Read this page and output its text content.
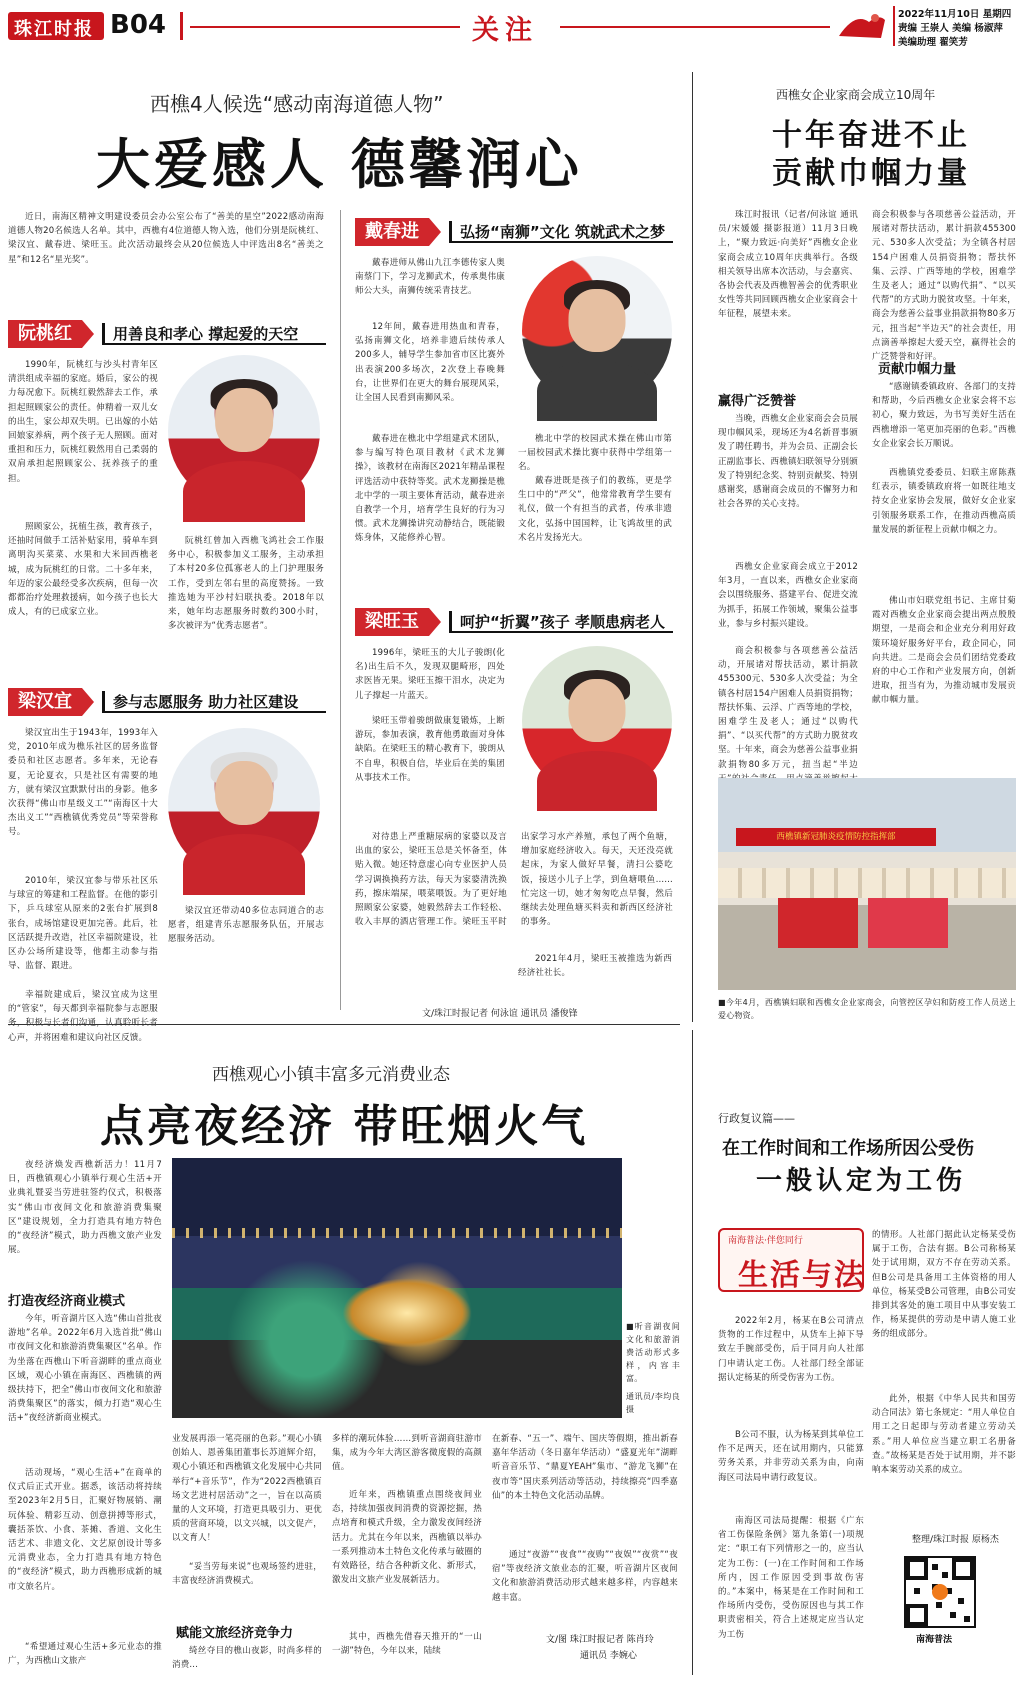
珠江时报 B04	关注
2022年11月10日 星期四
责编 王崇人 美编 杨淑萍
美编助理 翟笑芳
西樵4人候选“感动南海道德人物”
大爱感人 德馨润心
近日，南海区精神文明建设委员会办公室公布了“善美的星空”2022感动南海道德人物20名候选人名单。其中，西樵有4位道德人物入选，他们分别是阮桃红、梁汉宜、戴春进、梁旺玉。此次活动最终会从20位候选人中评选出8名“善美之星”和12名“星光奖”。
阮桃红	用善良和孝心 撑起爱的天空
1990年，阮桃红与沙头村青年区清洪组成幸福的家庭。婚后，家公的视力每况愈下。阮桃红毅然辞去工作，承担起照顾家公的责任。伸精着一双儿女的出生，家公却双失明。已出嫁的小姑回娘家养病，两个孩子无人照顾。面对重担和压力，阮桃红毅然用自己柔弱的双肩承担起照顾家公、抚养孩子的重担。
照顾家公，抚植生孩，教育孩子，还抽时间做手工活补贴家用，骑单车到离明沟买菜菜、水果和大米回西樵老城，成为阮桃红的日常。二十多年来，年迈的家公最经受多次疾病，但每一次都都治疗处理救援病，如今孩子也长大成人，有的已成家立业。
阮桃红曾加入西樵飞鸿社会工作服务中心，积极参加义工服务，主动承担了本村20多位孤寡老人的上门护理服务工作，受到左邻右里的高度赞扬。一致推选她为平沙村妇联执委。2018年以来，她年均志愿服务时数约300小时，多次被评为“优秀志愿者”。
梁汉宜	参与志愿服务 助力社区建设
梁汉宜出生于1943年，1993年入党，2010年成为樵乐社区的居务监督委员和社区志愿者。多年来，无论春夏，无论夏衣，只是社区有需要的地方，就有梁汉宜默默付出的身影。他多次获得“佛山市星级义工”“南海区十大杰出义工”“西樵镇优秀党员”等荣誉称号。
2010年，梁汉宜参与带乐社区乐与球宣的筹建和工程监督。在他的影引下，乒乓球室从原来的2张台扩展到8张台，成场馆建设更加完善。此后，社区活跃提升改造，社区幸福院建设，社区办公场所建设等，他都主动参与指导、监督、跟进。
幸福院建成后，梁汉宜成为这里的“管家”，每天都到幸福院参与志愿服 心声，并将困难和建议向社区反馈。
梁汉宜还带动40多位志同道合的志愿者，组建青乐志愿服务队伍，开展志愿服务活动。
戴春进	弘扬“南狮”文化 筑就武术之梦
戴春进师从佛山九江李德传家人奥南蔡门下，学习龙狮武术，传承奥伟康师公大头，南狮传统采青技艺。
12年间，戴春进用热血和青春，弘扬南狮文化，培养非遗后续传承人200多人，辅导学生参加省市区比赛外出表演200多场次，2次登上春晚舞台，让世界们在更大的舞台展现风采，让全国人民看到南狮风采。
戴春进在樵北中学组建武术团队，参与编写特色项目教材《武术龙狮操》，该教材在南海区2021年精品课程评选活动中获特等奖。武术龙狮操是樵北中学的一项主要体育活动，戴春进亲自教学一个月，培育学生良好的行为习惯。武术龙狮操讲究动静结合，既能锻炼身体，又能修养心智。
樵北中学的校园武术操在佛山市第一届校园武术操比赛中获得中学组第一名。
戴春进既是孩子们的教练，更是学生口中的“严父”，他常常教育学生要有礼仪，做一个有担当的武者，传承非遗文化，弘扬中国国粹，让飞鸿故里的武术名片发扬光大。
梁旺玉	呵护“折翼”孩子 孝顺患病老人
1996年，梁旺玉的大儿子骏朗(化名)出生后不久，发现双腿畸形，四处求医皆无果。梁旺玉擦干泪水，决定为儿子撑起一片蓝天。
梁旺玉带着骏朗做康复锻炼，上断游玩，参加表演，教育他勇敢面对身体缺陷。在梁旺玉的精心教育下，骏朗从不自卑，积极自信，毕业后在美的集团从事技术工作。
对待患上严重糖尿病的家婆以及言出血的家公，梁旺玉总是关怀备至，体贴入微。她还特意虚心向专业医护人员学习调换换药方法，每天为家婆清洗换药，擦床端屎，喂菜喂饭。为了更好地照顾家公家婆，她毅然辞去工作轻松、收入丰厚的酒店管理工作。梁旺玉平时出家学习水产养殖，承包了两个鱼塘，增加家庭经济收入。每天，天还没亮就起床，为家人做好早餐，清扫公婆吃饭，接送小儿子上学，到鱼塘喂鱼……忙完这一切，她才匆匆吃点早餐，然后继续去处理鱼塘买料卖和新西区经济社的事务。
2021年4月，梁旺玉被推选为新西经济社社长。
文/珠江时报记者 何泳谊 通讯员 潘俊锋
西樵女企业家商会成立10周年
十年奋进不止
贡献巾帼力量
珠江时报讯（记者/何泳谊 通讯员/宋媛媛 摄影报道）11月3日晚上，“聚力致远·向美好”西樵女企业家商会成立10周年庆典举行。各级相关领导出席本次活动，与会嘉宾、各协会代表及西樵智善会的优秀职业女性等共同回顾西樵女企业家商会十年征程，展望未来。
赢得广泛赞誉
当晚，西樵女企业家商会会员展现巾帼风采，现场还为4名新晋事颁发了聘任聘书，并为会员、正副会长正副监事长、西樵镇妇联领导分别颁发了特别纪念奖、特别贡献奖、特别感谢奖，感谢商会成员的不懈努力和社会各界的关心支持。
西樵女企业家商会成立于2012年3月，一直以来，西樵女企业家商会以围绕服务、搭建平台、促进交流为抓手，拓展工作领域，聚集公益事业，参与乡村振兴建设。
商会积极参与各项慈善公益活动，开展诸对帮扶活动，累计捐款455300元、530多人次受益；为全镇各村居154户困难人员捐资捐物；帮扶怀集、云浮、广西等地的学校，困难学生及老人；通过“以购代捐”、“以买代帮”的方式助力脱贫攻坚。十年来，商会为慈善公益事业捐款捐物80多万元，扭当起“半边
商会积极参与各项慈善公益活动，开展诸对帮扶活动，累计捐款455300元、530多人次受益；为全镇各村居154户困难人员捐资捐物；帮扶怀集、云浮、广西等地的学校，困难学生及老人；通过“以购代捐”、“以买代帮”的方式助力脱贫攻坚。十年来，商会为慈善公益事业捐款捐物80多万元，扭当起“半边天”的社会责任，用点滴善举擦起大爱天空，赢得社会的广泛赞誉和好评。
贡献巾帼力量
“感谢镇委镇政府、各部门的支持和帮助，今后西樵女企业家会将不忘初心，聚力致远，为书写美好生活在西樵增添一笔更加亮丽的色彩。”西樵女企业家会长万顺说。
西樵镇党委委员、妇联主席陈燕红表示，镇委镇政府将一如既往地支持女企业家协会发展，做好女企业家引领服务联系工作，在推动西樵高质量发展的新征程上贡献巾帼之力。
佛山市妇联党组书记、主席甘菊霞对西樵女企业家商会提出两点殷殷期望，一是商会和企业充分利用好政策环境好服务好平台，政企同心，同向共进。二是商会会员们团结党委政府的中心工作和产业发展方向，创新进取，扭当有为，为推动城市发展贡献巾帼力量。
西樵镇新冠肺炎疫情防控指挥部
■今年4月，西樵镇妇联和西樵女企业家商会，向管控区孕妇和防疫工作人员送上爱心物资。
西樵观心小镇丰富多元消费业态
点亮夜经济 带旺烟火气
夜经济焕发西樵新活力！11月7日，西樵镇观心小镇举行观心生活+开业典礼暨妥当劳进驻签约仪式，积极落实“佛山市夜间文化和旅游消费集聚区”建设规划，全力打造具有地方特色的“夜经济”模式，助力西樵文旅产业发展。
打造夜经济商业模式
今年，听音湖片区入选“佛山首批夜游地”名单。2022年6月入选首批“佛山市夜间文化和旅游消费集聚区”名单。作为坐落在西樵山下听音湖畔的重点商业区域，观心小镇在南海区、西樵镇的两级扶持下，把全“佛山市夜间文化和旅游消费集聚区”的落实，倾力打造“观心生活+”夜经济新商业模式。
活动现场，“观心生活+”在商单的仪式后正式开业。据悉，该活动将持续至2023年2月5日，汇聚好物展销、潮玩体验、精彩互动、创意拼搏等形式，囊括茶饮、小食、茶摊、香道、文化生活艺术、非遗文化、文艺原创设计等多元消费业态，全力打造具有地方特色的“夜经济”模式，助力西樵形成新的城市文旅名片。
“希望通过观心生活+多元业态的推广，为西樵山文旅产
■听音湖夜间文化和旅游消费活动形式多样，内容丰富。
通讯员/李均良 摄
业发展再添一笔亮丽的色彩。”观心小镇创始人、恩善集团董事长苏道辉介绍，观心小镇还和西樵镇文化发展中心共同举行“+音乐节”，作为“2022西樵镇百场文艺进村居活动”之一，旨在以高质量的人文环境，打造更具吸引力、更优质的营商环境，以文兴城，以文促产，以文育人！
“妥当劳每来说”也观场签约进驻，丰富夜经济消费模式。
赋能文旅经济竞争力
绮丝夺目的樵山夜影，时尚多样的消费...
多样的潮玩体验……到听音湖商驻游市集，成为今年大湾区游客微度假的高颜值。
近年来，西樵镇重点围绕夜间业态，持续加强夜间消费的资源挖掘，热点培育和模式升级，全力激发夜间经济活力。尤其在今年以来，西樵镇以举办一系列推动本土特色文化传承与破圈的有效路径，结合各种新文化、新形式，激发出文旅产业发展新活力。
其中，西樵先借春天推开的“一山一湖”特色，今年以来，陆续
在新春、“五一”、端午、国庆等假期，推出新春嘉年华活动（冬日嘉年华活动）“盛夏光年”湖畔听音音乐节、“鼎夏YEAH”集市、“游龙飞狮”在夜市等“国庆系列活动等活动，持续擦亮“四季嘉仙”的本土特色文化活动品牌。
通过“夜游”“夜食”“夜购”“夜娱”“夜赏”“夜宿”等夜经济文旅业态的汇聚，听音湖片区夜间文化和旅游消费活动形式越来越多样，内容越来越丰富。
文/图 珠江时报记者 陈肖玲
通讯员 李婉心
行政复议篇——
在工作时间和工作场所因公受伤
一般认定为工伤
南海普法·伴您同行
生活与法
2022年2月，杨某在B公司清点货物的工作过程中，从货车上掉下导致左手腕部受伤，后于同月向人社部门申请认定工伤。人社部门经全部证据认定杨某的所受伤害为工伤。
B公司不服，认为杨某到其单位工作不足两天，还在试用期内，只能算劳务关系，并非劳动关系为由，向南海区司法局申请行政复议。
南海区司法局提醒：根据《广东省工伤保险条例》第九条第(一)项规定：“职工有下列情形之一的，应当认定为工伤：(一)在工作时间和工作场所内，因工作原因受到事故伤害的。”本案中，杨某是在工作时间和工作场所内受伤，受伤原因也与其工作职责密相关，符合上述规定应当认定为工伤
的情形。人社部门据此认定杨某受伤属于工伤，合法有据。B公司称杨某处于试用期，双方不存在劳动关系。但B公司是具备用工主体资格的用人单位，杨某受B公司管理，由B公司安排到其客处的施工项目中从事安装工作，杨某提供的劳动是申请人施工业务的组成部分。
此外，根据《中华人民共和国劳动合同法》第七条规定：“用人单位自用工之日起即与劳动者建立劳动关系。”用人单位应当建立职工名册备查。”故杨某是否处于试用期，并不影响本案劳动关系的成立。
整理/珠江时报 原杨杰
南海普法
